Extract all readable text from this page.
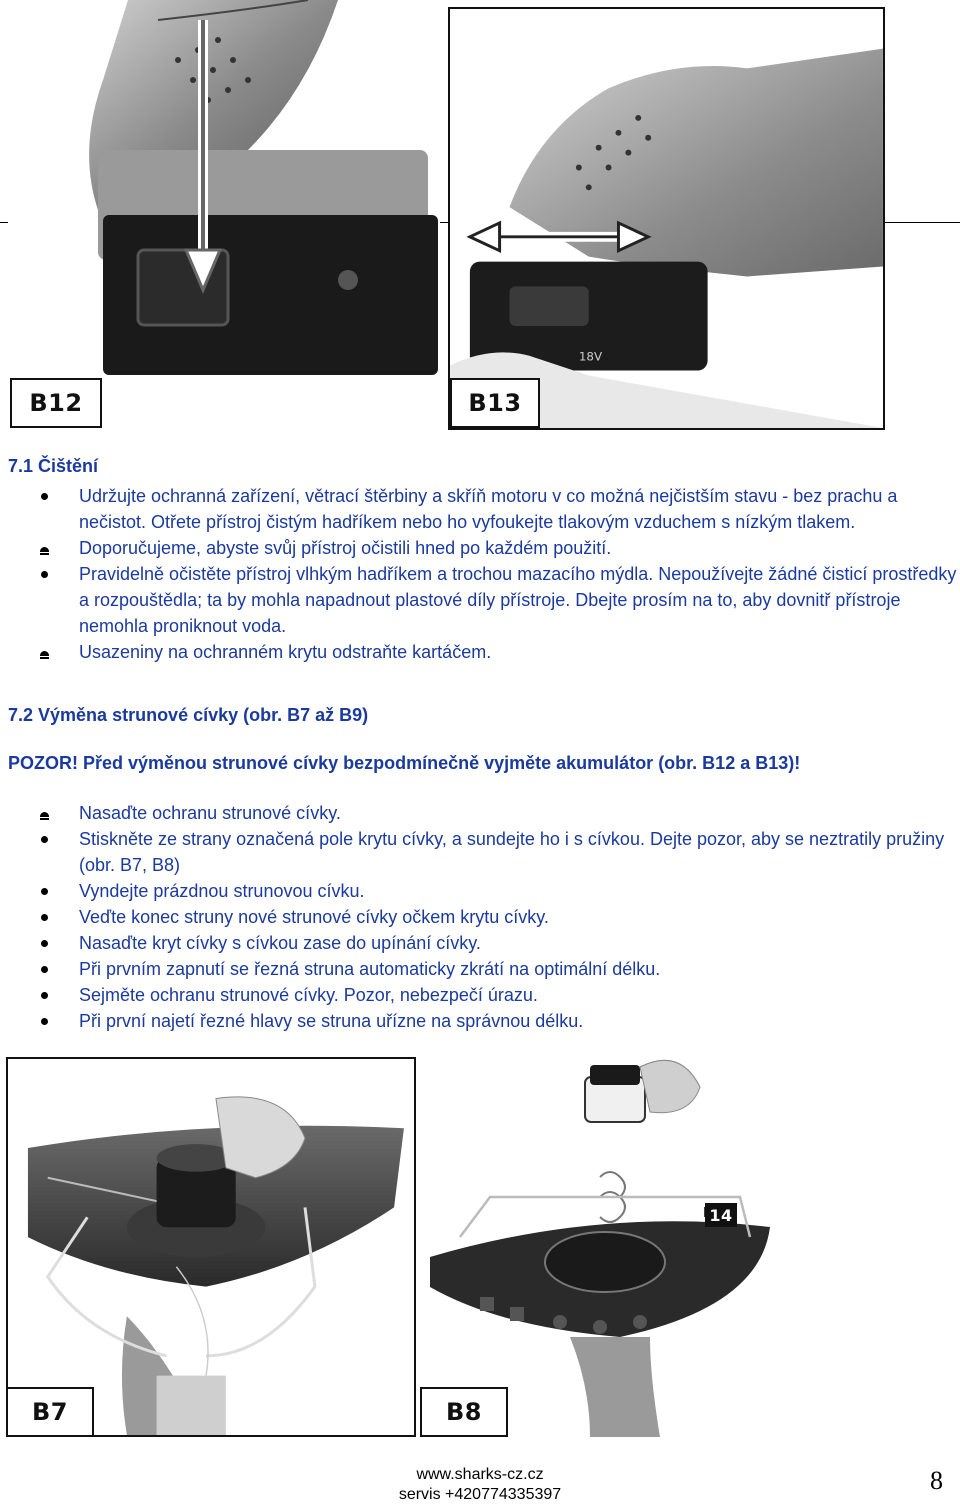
B12
18V
B13
7.1 Čištění
Udržujte ochranná zařízení, větrací štěrbiny a skříň motoru v co možná nejčistším stavu - bez prachu a nečistot. Otřete přístroj čistým hadříkem nebo ho vyfoukejte tlakovým vzduchem s nízkým tlakem.
Doporučujeme, abyste svůj přístroj očistili hned po každém použití.
Pravidelně očistěte přístroj vlhkým hadříkem a trochou mazacího mýdla. Nepoužívejte žádné čisticí prostředky a rozpouštědla; ta by mohla napadnout plastové díly přístroje. Dbejte prosím na to, aby dovnitř přístroje nemohla proniknout voda.
Usazeniny na ochranném krytu odstraňte kartáčem.
7.2 Výměna strunové cívky (obr. B7 až B9)
POZOR! Před výměnou strunové cívky bezpodmínečně vyjměte akumulátor (obr. B12 a B13)!
Nasaďte ochranu strunové cívky.
Stiskněte ze strany označená pole krytu cívky, a sundejte ho i s cívkou. Dejte pozor, aby se neztratily pružiny (obr. B7, B8)
Vyndejte prázdnou strunovou cívku.
Veďte konec struny nové strunové cívky očkem krytu cívky.
Nasaďte kryt cívky s cívkou zase do upínání cívky.
Při prvním zapnutí se řezná struna automaticky zkrátí na optimální délku.
Sejměte ochranu strunové cívky. Pozor, nebezpečí úrazu.
Při první najetí řezné hlavy se struna uřízne na správnou délku.
B7
14
B8
www.sharks-cz.cz
servis +420774335397	8
